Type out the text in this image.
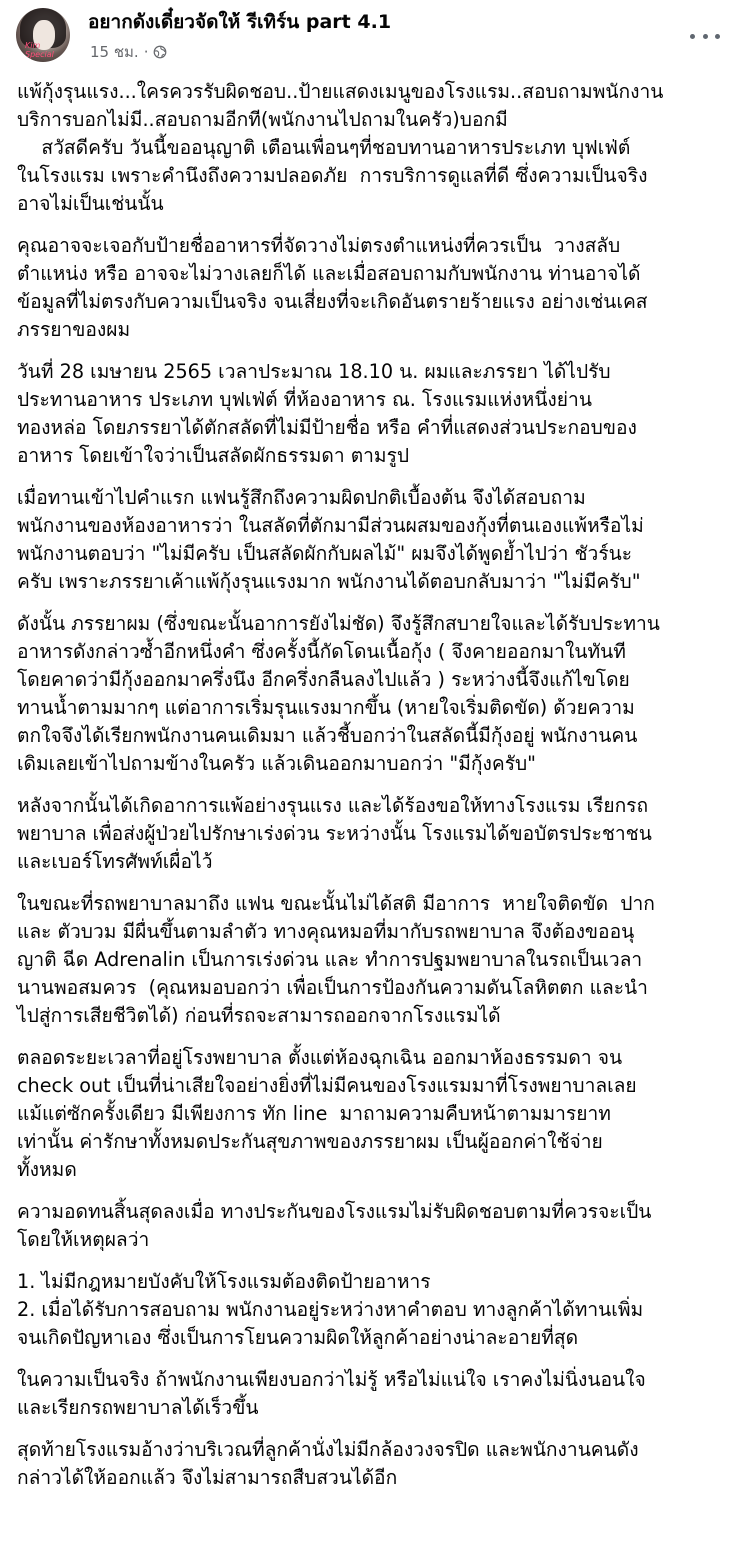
Kim Special
อยากดังเดี๋ยวจัดให้ รีเทิร์น part 4.1
15 ชม. ·

แพ้กุ้งรุนแรง...ใครควรรับผิดชอบ..ป้ายแสดงเมนูของโรงแรม..สอบถามพนักงาน
บริการบอกไม่มี..สอบถามอีกที(พนักงานไปถามในครัว)บอกมี
สวัสดีครับ วันนี้ขออนุญาติ เตือนเพื่อนๆที่ชอบทานอาหารประเภท บุฟเฟ่ต์
ในโรงแรม เพราะคำนึงถึงความปลอดภัย  การบริการดูแลที่ดี ซึ่งความเป็นจริง
อาจไม่เป็นเช่นนั้น

คุณอาจจะเจอกับป้ายชื่ออาหารที่จัดวางไม่ตรงตำแหน่งที่ควรเป็น  วางสลับ
ตำแหน่ง หรือ อาจจะไม่วางเลยก็ได้ และเมื่อสอบถามกับพนักงาน ท่านอาจได้
ข้อมูลที่ไม่ตรงกับความเป็นจริง จนเสี่ยงที่จะเกิดอันตรายร้ายแรง อย่างเช่นเคส
ภรรยาของผม

วันที่ 28 เมษายน 2565 เวลาประมาณ 18.10 น. ผมและภรรยา ได้ไปรับ
ประทานอาหาร ประเภท บุฟเฟ่ต์ ที่ห้องอาหาร ณ. โรงแรมแห่งหนึ่งย่าน
ทองหล่อ โดยภรรยาได้ตักสลัดที่ไม่มีป้ายชื่อ หรือ คำที่แสดงส่วนประกอบของ
อาหาร โดยเข้าใจว่าเป็นสลัดผักธรรมดา ตามรูป

เมื่อทานเข้าไปคำแรก แฟนรู้สึกถึงความผิดปกติเบื้องต้น จึงได้สอบถาม
พนักงานของห้องอาหารว่า ในสลัดที่ตักมามีส่วนผสมของกุ้งที่ตนเองแพ้หรือไม่
พนักงานตอบว่า "ไม่มีครับ เป็นสลัดผักกับผลไม้" ผมจึงได้พูดย้ำไปว่า ชัวร์นะ
ครับ เพราะภรรยาเค้าแพ้กุ้งรุนแรงมาก พนักงานได้ตอบกลับมาว่า "ไม่มีครับ"

ดังนั้น ภรรยาผม (ซึ่งขณะนั้นอาการยังไม่ชัด) จึงรู้สึกสบายใจและได้รับประทาน
อาหารดังกล่าวซ้ำอีกหนึ่งคำ ซึ่งครั้งนี้กัดโดนเนื้อกุ้ง ( จึงคายออกมาในทันที
โดยคาดว่ามีกุ้งออกมาครึ่งนึง อีกครึ่งกลืนลงไปแล้ว ) ระหว่างนี้จึงแก้ไขโดย
ทานน้ำตามมากๆ แต่อาการเริ่มรุนแรงมากขึ้น (หายใจเริ่มติดขัด) ด้วยความ
ตกใจจึงได้เรียกพนักงานคนเดิมมา แล้วชี้บอกว่าในสลัดนี้มีกุ้งอยู่ พนักงานคน
เดิมเลยเข้าไปถามข้างในครัว แล้วเดินออกมาบอกว่า "มีกุ้งครับ"

หลังจากนั้นได้เกิดอาการแพ้อย่างรุนแรง และได้ร้องขอให้ทางโรงแรม เรียกรถ
พยาบาล เพื่อส่งผู้ป่วยไปรักษาเร่งด่วน ระหว่างนั้น โรงแรมได้ขอบัตรประชาชน
และเบอร์โทรศัพท์เผื่อไว้

ในขณะที่รถพยาบาลมาถึง แฟน ขณะนั้นไม่ได้สติ มีอาการ  หายใจติดขัด  ปาก
และ ตัวบวม มีผื่นขึ้นตามลำตัว ทางคุณหมอที่มากับรถพยาบาล จึงต้องขออนุ
ญาติ ฉีด Adrenalin เป็นการเร่งด่วน และ ทำการปฐมพยาบาลในรถเป็นเวลา
นานพอสมควร  (คุณหมอบอกว่า เพื่อเป็นการป้องกันความดันโลหิตตก และนำ
ไปสู่การเสียชีวิตได้) ก่อนที่รถจะสามารถออกจากโรงแรมได้

ตลอดระยะเวลาที่อยู่โรงพยาบาล ตั้งแต่ห้องฉุกเฉิน ออกมาห้องธรรมดา จน
check out เป็นที่น่าเสียใจอย่างยิ่งที่ไม่มีคนของโรงแรมมาที่โรงพยาบาลเลย
แม้แต่ซักครั้งเดียว มีเพียงการ ทัก line  มาถามความคืบหน้าตามมารยาท
เท่านั้น ค่ารักษาทั้งหมดประกันสุขภาพของภรรยาผม เป็นผู้ออกค่าใช้จ่าย
ทั้งหมด

ความอดทนสิ้นสุดลงเมื่อ ทางประกันของโรงแรมไม่รับผิดชอบตามที่ควรจะเป็น
โดยให้เหตุผลว่า

1. ไม่มีกฎหมายบังคับให้โรงแรมต้องติดป้ายอาหาร
2. เมื่อได้รับการสอบถาม พนักงานอยู่ระหว่างหาคำตอบ ทางลูกค้าได้ทานเพิ่ม
จนเกิดปัญหาเอง ซึ่งเป็นการโยนความผิดให้ลูกค้าอย่างน่าละอายที่สุด

ในความเป็นจริง ถ้าพนักงานเพียงบอกว่าไม่รู้ หรือไม่แน่ใจ เราคงไม่นิ่งนอนใจ
และเรียกรถพยาบาลได้เร็วขึ้น

สุดท้ายโรงแรมอ้างว่าบริเวณที่ลูกค้านั่งไม่มีกล้องวงจรปิด และพนักงานคนดัง
กล่าวได้ให้ออกแล้ว จึงไม่สามารถสืบสวนได้อีก
